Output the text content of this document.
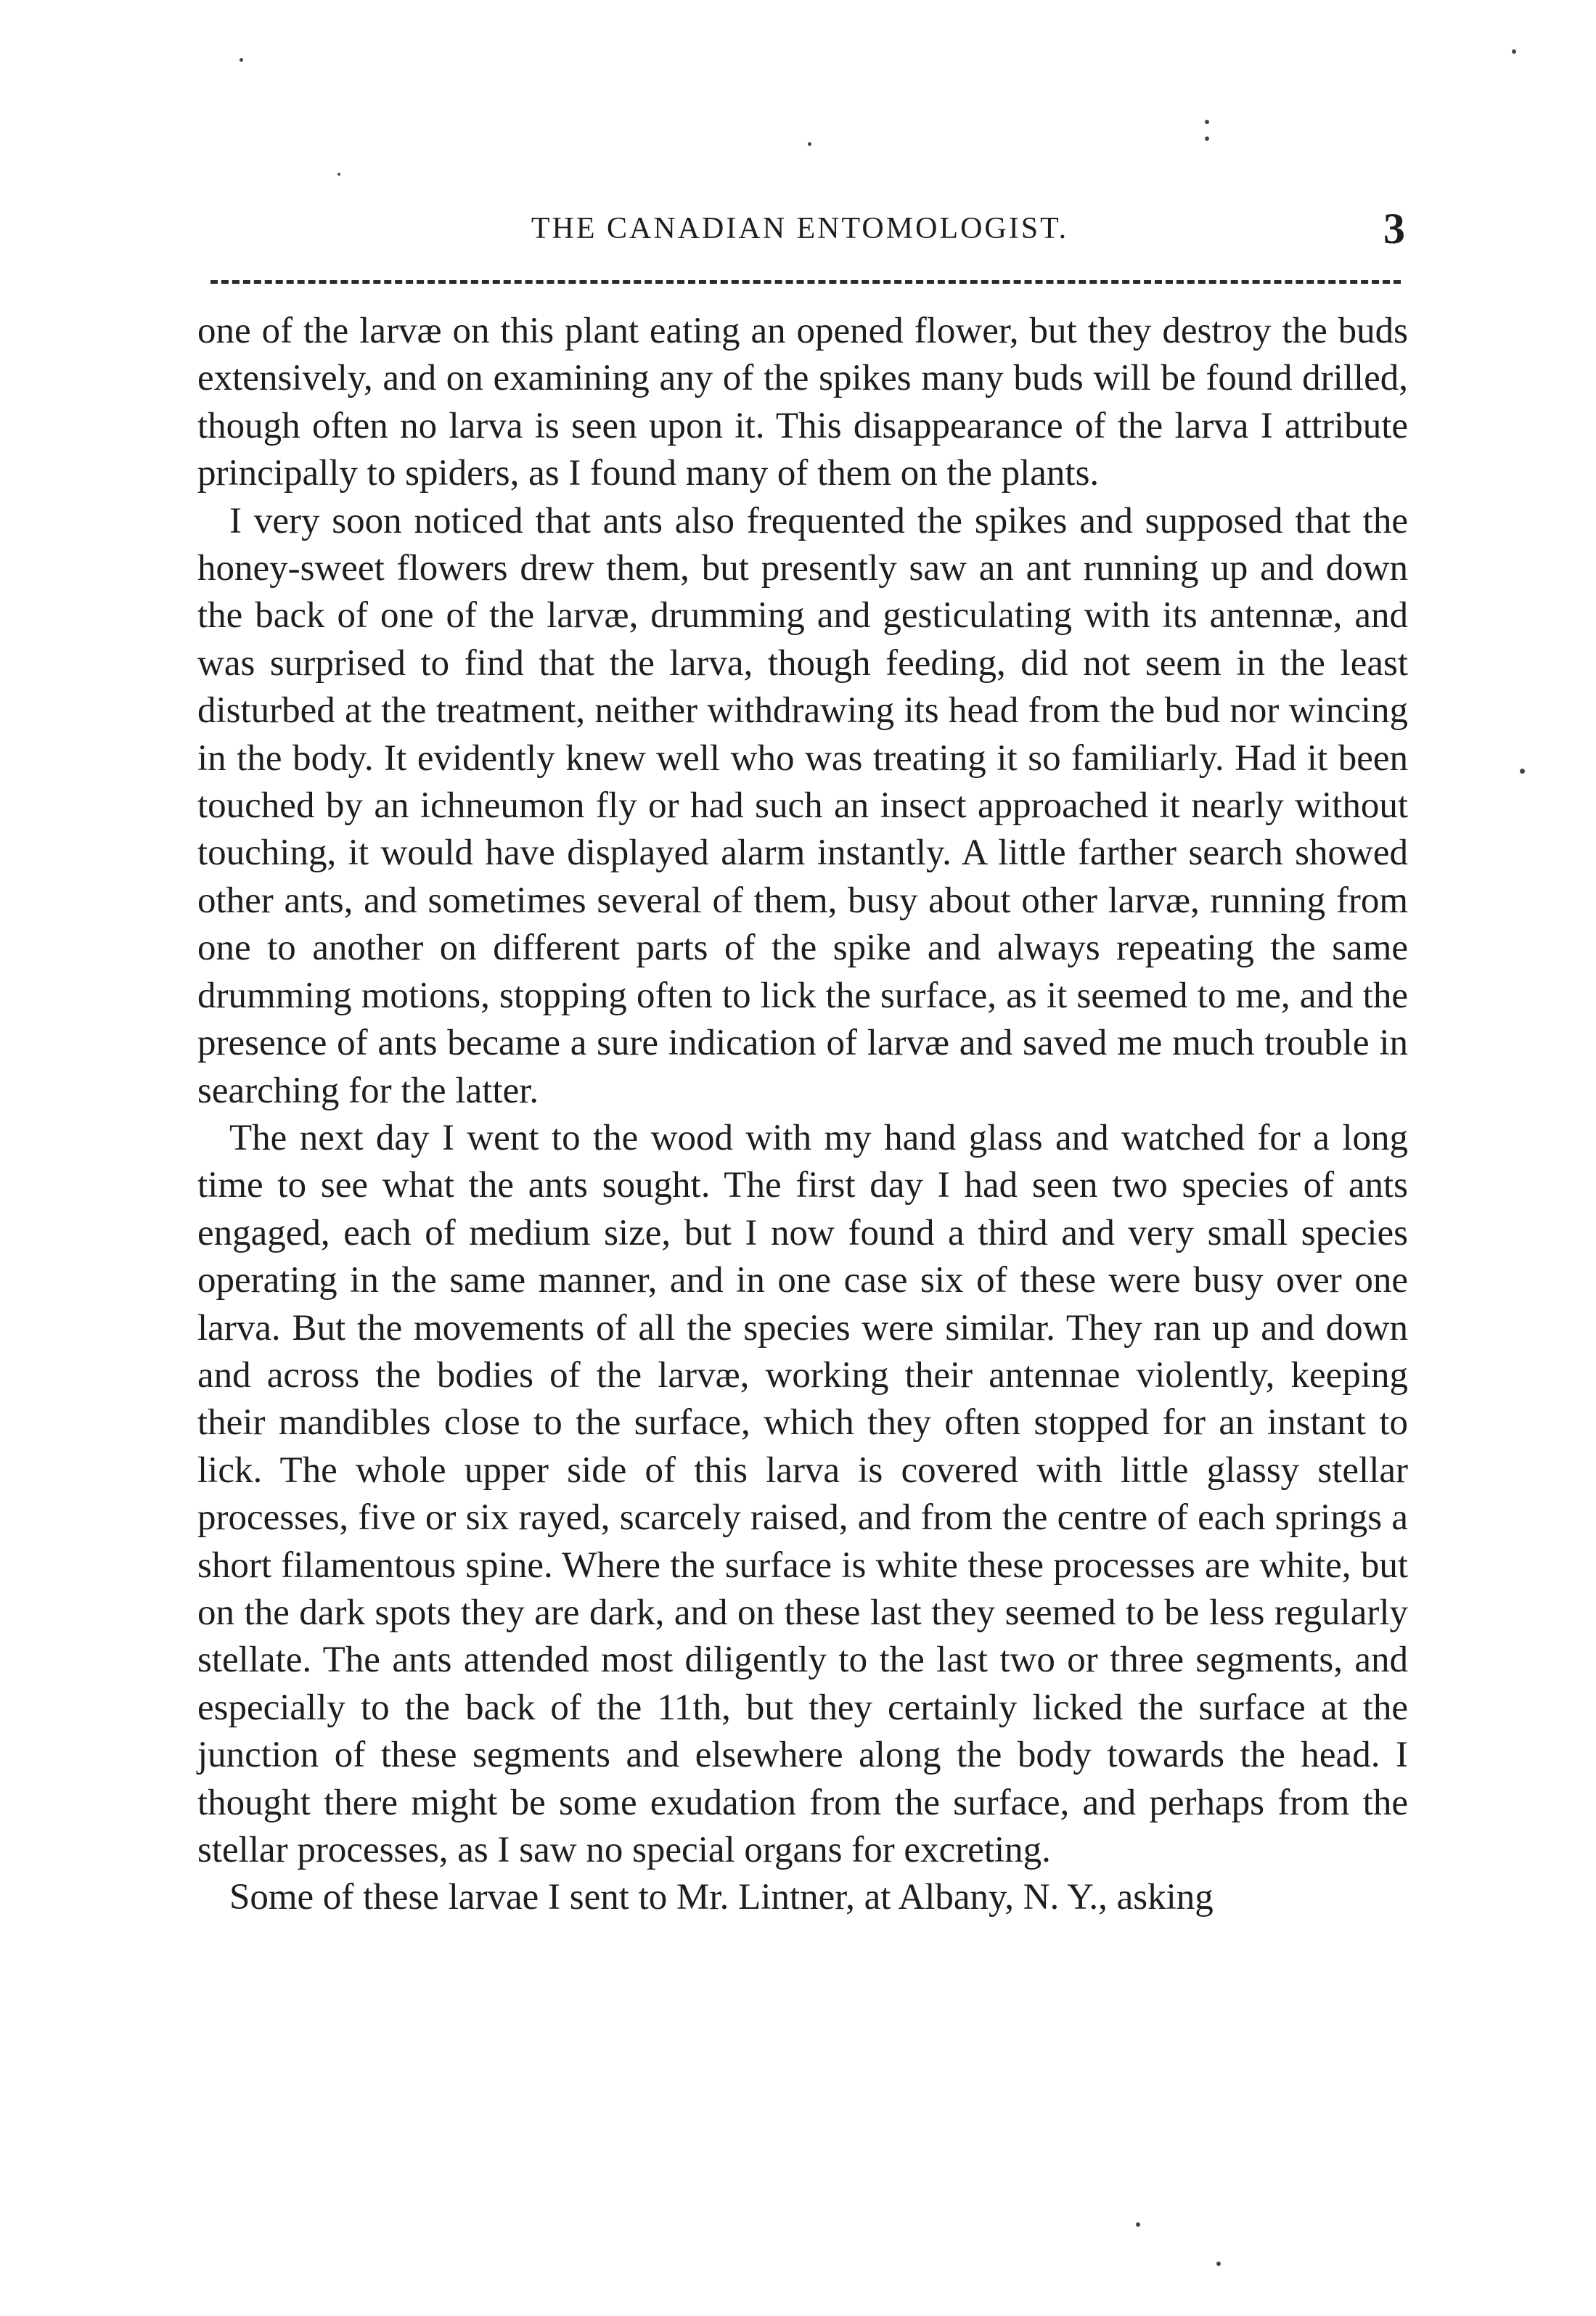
THE CANADIAN ENTOMOLOGIST.	3

one of the larvæ on this plant eating an opened flower, but they destroy the buds extensively, and on examining any of the spikes many buds will be found drilled, though often no larva is seen upon it. This disappearance of the larva I attribute principally to spiders, as I found many of them on the plants.

I very soon noticed that ants also frequented the spikes and supposed that the honey-sweet flowers drew them, but presently saw an ant running up and down the back of one of the larvæ, drumming and gesticulating with its antennæ, and was surprised to find that the larva, though feeding, did not seem in the least disturbed at the treatment, neither withdrawing its head from the bud nor wincing in the body. It evidently knew well who was treating it so familiarly. Had it been touched by an ichneumon fly or had such an insect approached it nearly without touching, it would have displayed alarm instantly. A little farther search showed other ants, and sometimes several of them, busy about other larvæ, running from one to another on different parts of the spike and always repeating the same drumming motions, stopping often to lick the surface, as it seemed to me, and the presence of ants became a sure indication of larvæ and saved me much trouble in searching for the latter.

The next day I went to the wood with my hand glass and watched for a long time to see what the ants sought. The first day I had seen two species of ants engaged, each of medium size, but I now found a third and very small species operating in the same manner, and in one case six of these were busy over one larva. But the movements of all the species were similar. They ran up and down and across the bodies of the larvæ, working their antennae violently, keeping their mandibles close to the surface, which they often stopped for an instant to lick. The whole upper side of this larva is covered with little glassy stellar processes, five or six rayed, scarcely raised, and from the centre of each springs a short filamentous spine. Where the surface is white these processes are white, but on the dark spots they are dark, and on these last they seemed to be less regularly stellate. The ants attended most diligently to the last two or three segments, and especially to the back of the 11th, but they certainly licked the surface at the junction of these segments and elsewhere along the body towards the head. I thought there might be some exudation from the surface, and perhaps from the stellar processes, as I saw no special organs for excreting.

Some of these larvae I sent to Mr. Lintner, at Albany, N. Y., asking
